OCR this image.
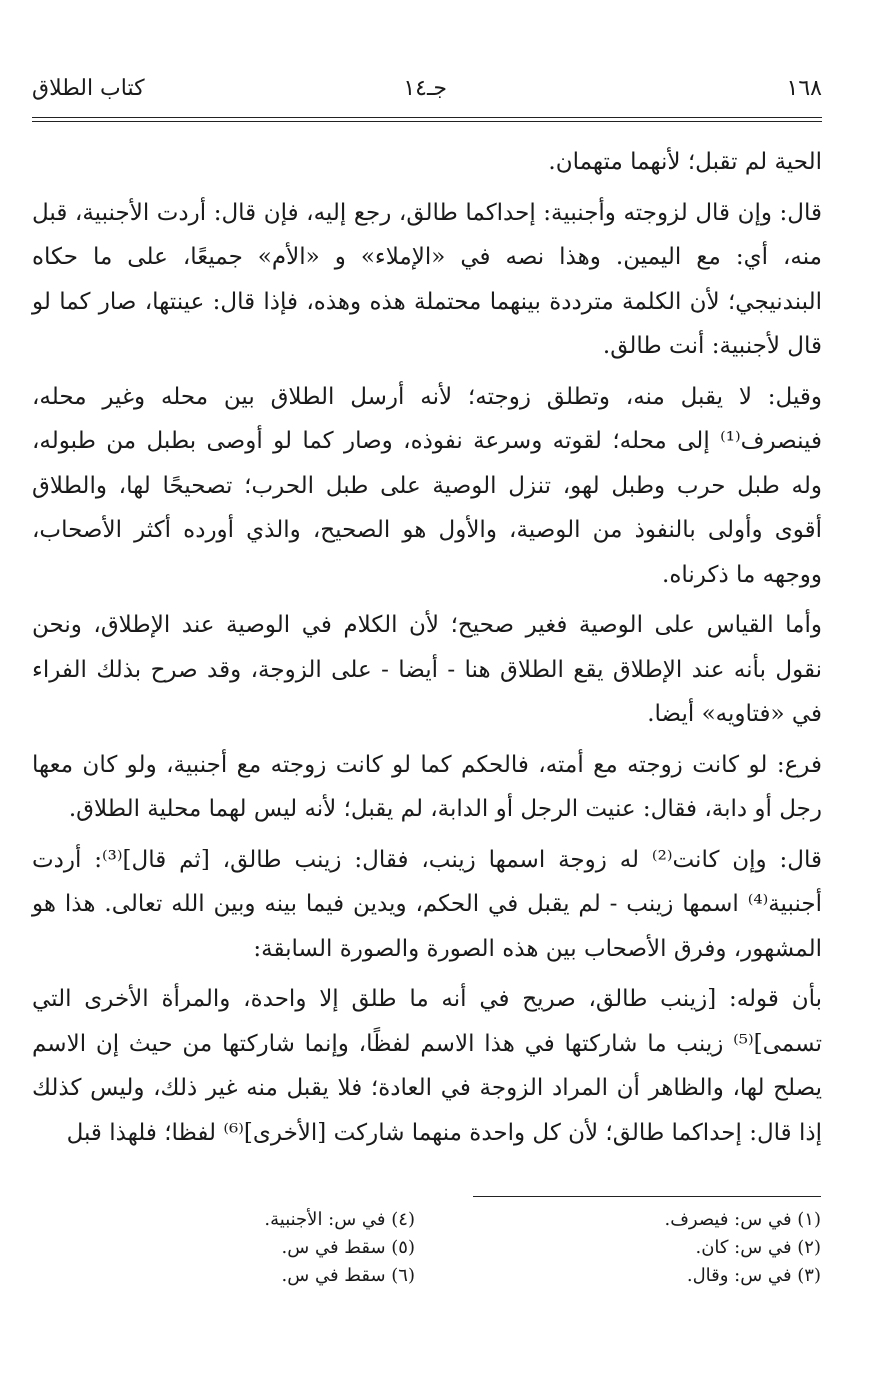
١٦٨
جـ١٤
كتاب الطلاق

الحية لم تقبل؛ لأنهما متهمان.

قال: وإن قال لزوجته وأجنبية: إحداكما طالق، رجع إليه، فإن قال: أردت الأجنبية، قبل منه، أي: مع اليمين. وهذا نصه في «الإملاء» و «الأم» جميعًا، على ما حكاه البندنيجي؛ لأن الكلمة مترددة بينهما محتملة هذه وهذه، فإذا قال: عينتها، صار كما لو قال لأجنبية: أنت طالق.

وقيل: لا يقبل منه، وتطلق زوجته؛ لأنه أرسل الطلاق بين محله وغير محله، فينصرف⁽¹⁾ إلى محله؛ لقوته وسرعة نفوذه، وصار كما لو أوصى بطبل من طبوله، وله طبل حرب وطبل لهو، تنزل الوصية على طبل الحرب؛ تصحيحًا لها، والطلاق أقوى وأولى بالنفوذ من الوصية، والأول هو الصحيح، والذي أورده أكثر الأصحاب، ووجهه ما ذكرناه.

وأما القياس على الوصية فغير صحيح؛ لأن الكلام في الوصية عند الإطلاق، ونحن نقول بأنه عند الإطلاق يقع الطلاق هنا - أيضا - على الزوجة، وقد صرح بذلك الفراء في «فتاويه» أيضا.

فرع: لو كانت زوجته مع أمته، فالحكم كما لو كانت زوجته مع أجنبية، ولو كان معها رجل أو دابة، فقال: عنيت الرجل أو الدابة، لم يقبل؛ لأنه ليس لهما محلية الطلاق.

قال: وإن كانت⁽²⁾ له زوجة اسمها زينب، فقال: زينب طالق، [ثم قال]⁽³⁾: أردت أجنبية⁽⁴⁾ اسمها زينب - لم يقبل في الحكم، ويدين فيما بينه وبين الله تعالى. هذا هو المشهور، وفرق الأصحاب بين هذه الصورة والصورة السابقة:

بأن قوله: [زينب طالق، صريح في أنه ما طلق إلا واحدة، والمرأة الأخرى التي تسمى]⁽⁵⁾ زينب ما شاركتها في هذا الاسم لفظًا، وإنما شاركتها من حيث إن الاسم يصلح لها، والظاهر أن المراد الزوجة في العادة؛ فلا يقبل منه غير ذلك، وليس كذلك إذا قال: إحداكما طالق؛ لأن كل واحدة منهما شاركت [الأخرى]⁽⁶⁾ لفظا؛ فلهذا قبل

(١) في س: فيصرف.
(٢) في س: كان.
(٣) في س: وقال.
(٤) في س: الأجنبية.
(٥) سقط في س.
(٦) سقط في س.
